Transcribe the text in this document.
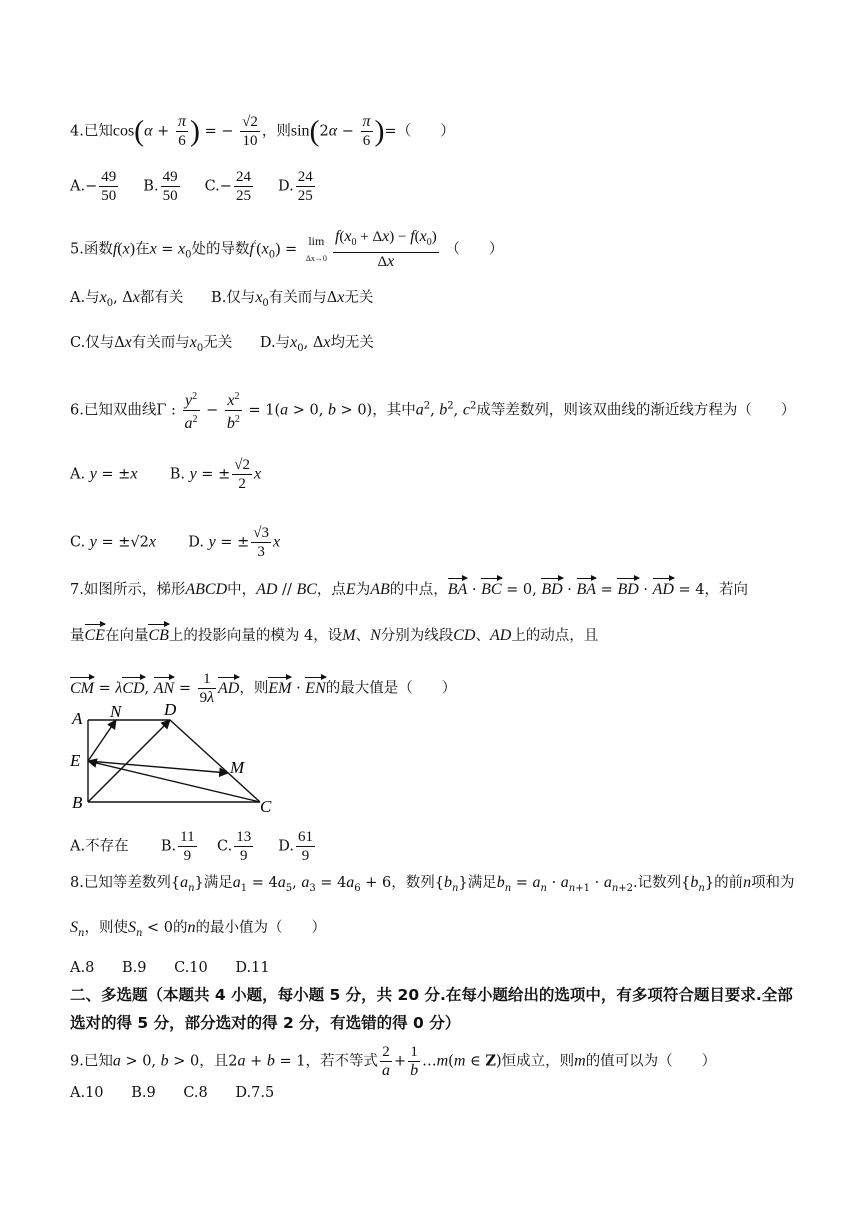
4.已知$\cos(\alpha + \frac{\pi}{6}$ ) = − $\frac{√2}{10}$ ，则$\sin(2\alpha - \frac{\pi}{6}$ )=（　　）
$A.- \frac{49}{50} B$. $\frac{49}{50} C.- \frac{24}{25} D$. $\frac{24}{25}$
5.函数f(x)在$x = x_0$处的导数$f'(x_0)$ =
lim
$\Delta x\to 0 \frac{f(x_0 + \Delta x) - f(x_0)}{\Delta x}$ （　　）
A.与$x_0$, Δx都有关 B.仅与$x_0$有关而与Δx无关
C.仅与Δx有关而与$x_0$无关 D.与$x_0$, Δx均无关
6.已知双曲线Γ : $\frac{y^2}{a^2} - \frac{x^2}{b^2} = 1(a > 0$, b > 0)，其中$a^2$, $b^2$, $c^2$成等差数列，则该双曲线的渐近线方程为（　　）
A. y = ±x B. y = ± $\frac{√2}{2}$ x
C. y = ±√2x D. y = ± $\frac{√3}{3}$ x
7.如图所示，梯形ABCD中，AD // BC，点E为AB的中点，BA · BC = 0, BD · BA = BD · AD = 4，若向
量CE在向量CB上的投影向量的模为 4，设M、N分别为线段CD、AD上的动点，且
CM = λCD, AN = $\frac{1}{9\lambda}$ AD，则EM · EN的最大值是（　　）
A N	D
E	M
B	C
A.不存在 B. $\frac{11}{9} C$. $\frac{13}{9} D$. $\frac{61}{9}$
8.已知等差数列$\{a_n\}$满足$a_1 = 4a_5$, $a_3 = 4a_6 + 6$，数列$\{b_n\}$满足$b_n = a_n \cdot a_{n+1} \cdot a_{n+2}$.记数列$\{b_n\}$的前n项和为
$S_n$，则使$S_n < 0$的n的最小值为（　　）
A.8 B.9 C.10 D.11
二、多选题（本题共 4 小题，每小题 5 分，共 20 分.在每小题给出的选项中，有多项符合题目要求.全部选对的得 5 分，部分选对的得 2 分，有选错的得 0 分）
9.已知a > 0, b > 0，且2a + b = 1，若不等式 $\frac{2}{a} + \frac{1}{b}$ …m(m ∈ Z)恒成立，则m的值可以为（　　）
A.10 B.9 C.8 D.7.5
